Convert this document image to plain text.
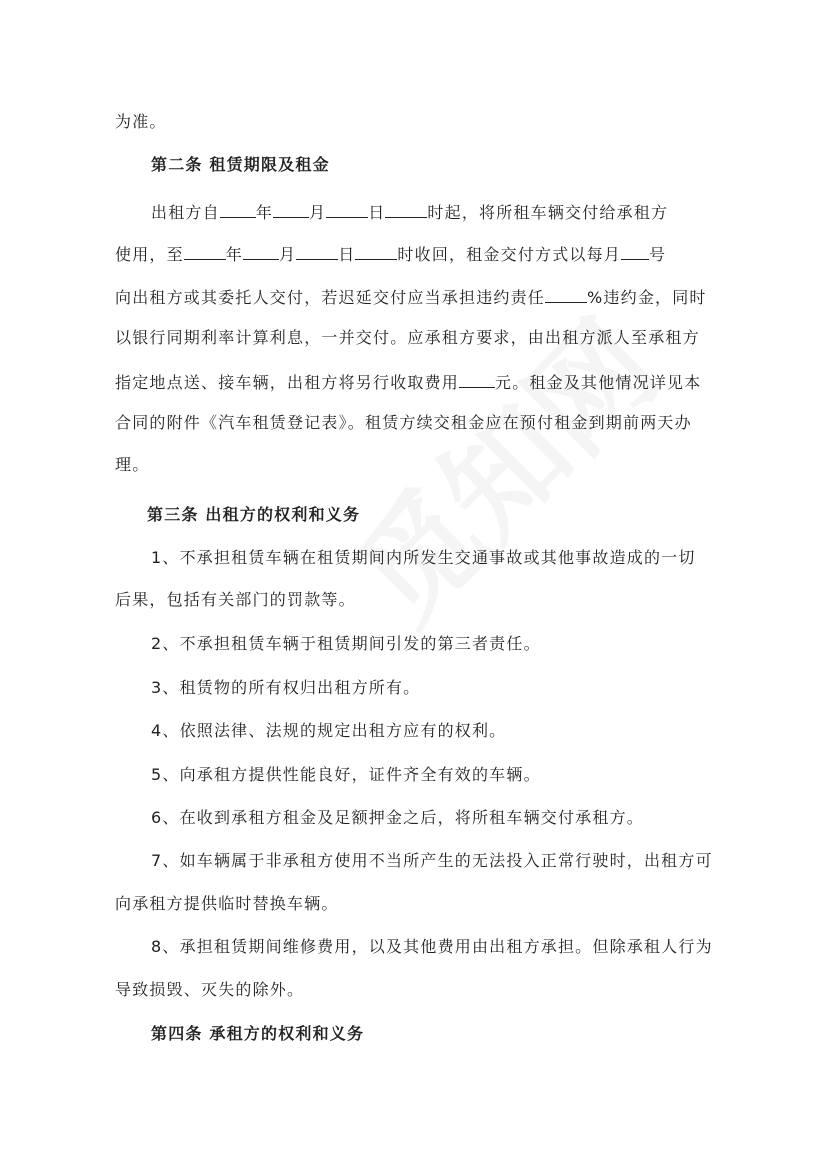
为准。
第二条 租赁期限及租金
出租方自 年 月	日	时起，将所租车辆交付给承租方
使用，至	年 月	日	时收回，租金交付方式以每月 号
向出租方或其委托人交付，若迟延交付应当承担违约责任	%违约金，同时
以银行同期利率计算利息，一并交付。应承租方要求，由出租方派人至承租方
指定地点送、接车辆，出租方将另行收取费用 元。租金及其他情况详见本
合同的附件《汽车租赁登记表》。租赁方续交租金应在预付租金到期前两天办
理。
第三条 出租方的权利和义务
1、不承担租赁车辆在租赁期间内所发生交通事故或其他事故造成的一切
后果，包括有关部门的罚款等。
2、不承担租赁车辆于租赁期间引发的第三者责任。
3、租赁物的所有权归出租方所有。
4、依照法律、法规的规定出租方应有的权利。
5、向承租方提供性能良好，证件齐全有效的车辆。
6、在收到承租方租金及足额押金之后，将所租车辆交付承租方。
7、如车辆属于非承租方使用不当所产生的无法投入正常行驶时，出租方可
向承租方提供临时替换车辆。
8、承担租赁期间维修费用，以及其他费用由出租方承担。但除承租人行为
导致损毁、灭失的除外。
第四条 承租方的权利和义务
